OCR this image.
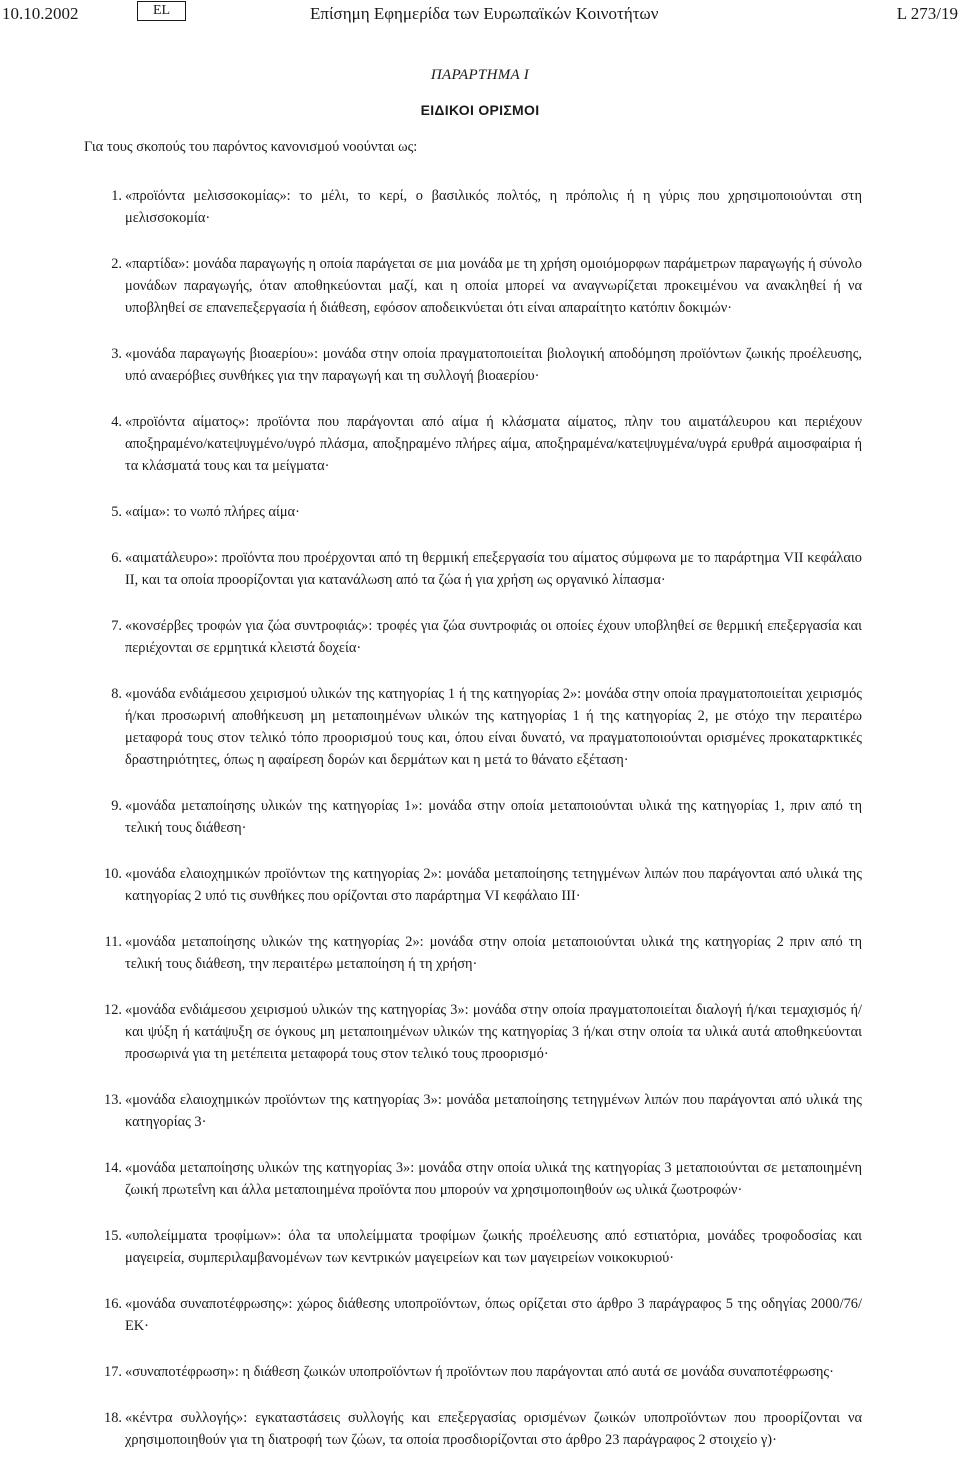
10.10.2002	EL	Επίσημη Εφημερίδα των Ευρωπαϊκών Κοινοτήτων	L 273/19
ΠΑΡΑΡΤΗΜΑ Ι
ΕΙΔΙΚΟΙ ΟΡΙΣΜΟΙ
Για τους σκοπούς του παρόντος κανονισμού νοούνται ως:
1. «προϊόντα μελισσοκομίας»: το μέλι, το κερί, ο βασιλικός πολτός, η πρόπολις ή η γύρις που χρησιμοποιούνται στη μελισσοκομία·
2. «παρτίδα»: μονάδα παραγωγής η οποία παράγεται σε μια μονάδα με τη χρήση ομοιόμορφων παράμετρων παραγωγής ή σύνολο μονάδων παραγωγής, όταν αποθηκεύονται μαζί, και η οποία μπορεί να αναγνωρίζεται προκειμένου να ανακληθεί ή να υποβληθεί σε επανεπεξεργασία ή διάθεση, εφόσον αποδεικνύεται ότι είναι απαραίτητο κατόπιν δοκιμών·
3. «μονάδα παραγωγής βιοαερίου»: μονάδα στην οποία πραγματοποιείται βιολογική αποδόμηση προϊόντων ζωικής προέλευσης, υπό αναερόβιες συνθήκες για την παραγωγή και τη συλλογή βιοαερίου·
4. «προϊόντα αίματος»: προϊόντα που παράγονται από αίμα ή κλάσματα αίματος, πλην του αιματάλευρου και περιέχουν αποξηραμένο/κατεψυγμένο/υγρό πλάσμα, αποξηραμένο πλήρες αίμα, αποξηραμένα/κατεψυγμένα/υγρά ερυθρά αιμοσφαίρια ή τα κλάσματά τους και τα μείγματα·
5. «αίμα»: το νωπό πλήρες αίμα·
6. «αιματάλευρο»: προϊόντα που προέρχονται από τη θερμική επεξεργασία του αίματος σύμφωνα με το παράρτημα VII κεφάλαιο II, και τα οποία προορίζονται για κατανάλωση από τα ζώα ή για χρήση ως οργανικό λίπασμα·
7. «κονσέρβες τροφών για ζώα συντροφιάς»: τροφές για ζώα συντροφιάς οι οποίες έχουν υποβληθεί σε θερμική επεξεργασία και περιέχονται σε ερμητικά κλειστά δοχεία·
8. «μονάδα ενδιάμεσου χειρισμού υλικών της κατηγορίας 1 ή της κατηγορίας 2»: μονάδα στην οποία πραγματοποιείται χειρισμός ή/και προσωρινή αποθήκευση μη μεταποιημένων υλικών της κατηγορίας 1 ή της κατηγορίας 2, με στόχο την περαιτέρω μεταφορά τους στον τελικό τόπο προορισμού τους και, όπου είναι δυνατό, να πραγματοποιούνται ορισμένες προκαταρκτικές δραστηριότητες, όπως η αφαίρεση δορών και δερμάτων και η μετά το θάνατο εξέταση·
9. «μονάδα μεταποίησης υλικών της κατηγορίας 1»: μονάδα στην οποία μεταποιούνται υλικά της κατηγορίας 1, πριν από τη τελική τους διάθεση·
10. «μονάδα ελαιοχημικών προϊόντων της κατηγορίας 2»: μονάδα μεταποίησης τετηγμένων λιπών που παράγονται από υλικά της κατηγορίας 2 υπό τις συνθήκες που ορίζονται στο παράρτημα VI κεφάλαιο III·
11. «μονάδα μεταποίησης υλικών της κατηγορίας 2»: μονάδα στην οποία μεταποιούνται υλικά της κατηγορίας 2 πριν από τη τελική τους διάθεση, την περαιτέρω μεταποίηση ή τη χρήση·
12. «μονάδα ενδιάμεσου χειρισμού υλικών της κατηγορίας 3»: μονάδα στην οποία πραγματοποιείται διαλογή ή/και τεμαχισμός ή/και ψύξη ή κατάψυξη σε όγκους μη μεταποιημένων υλικών της κατηγορίας 3 ή/και στην οποία τα υλικά αυτά αποθηκεύονται προσωρινά για τη μετέπειτα μεταφορά τους στον τελικό τους προορισμό·
13. «μονάδα ελαιοχημικών προϊόντων της κατηγορίας 3»: μονάδα μεταποίησης τετηγμένων λιπών που παράγονται από υλικά της κατηγορίας 3·
14. «μονάδα μεταποίησης υλικών της κατηγορίας 3»: μονάδα στην οποία υλικά της κατηγορίας 3 μεταποιούνται σε μεταποιημένη ζωική πρωτεΐνη και άλλα μεταποιημένα προϊόντα που μπορούν να χρησιμοποιηθούν ως υλικά ζωοτροφών·
15. «υπολείμματα τροφίμων»: όλα τα υπολείμματα τροφίμων ζωικής προέλευσης από εστιατόρια, μονάδες τροφοδοσίας και μαγειρεία, συμπεριλαμβανομένων των κεντρικών μαγειρείων και των μαγειρείων νοικοκυριού·
16. «μονάδα συναποτέφρωσης»: χώρος διάθεσης υποπροϊόντων, όπως ορίζεται στο άρθρο 3 παράγραφος 5 της οδηγίας 2000/76/ΕΚ·
17. «συναποτέφρωση»: η διάθεση ζωικών υποπροϊόντων ή προϊόντων που παράγονται από αυτά σε μονάδα συναποτέφρωσης·
18. «κέντρα συλλογής»: εγκαταστάσεις συλλογής και επεξεργασίας ορισμένων ζωικών υποπροϊόντων που προορίζονται να χρησιμοποιηθούν για τη διατροφή των ζώων, τα οποία προσδιορίζονται στο άρθρο 23 παράγραφος 2 στοιχείο γ)·
